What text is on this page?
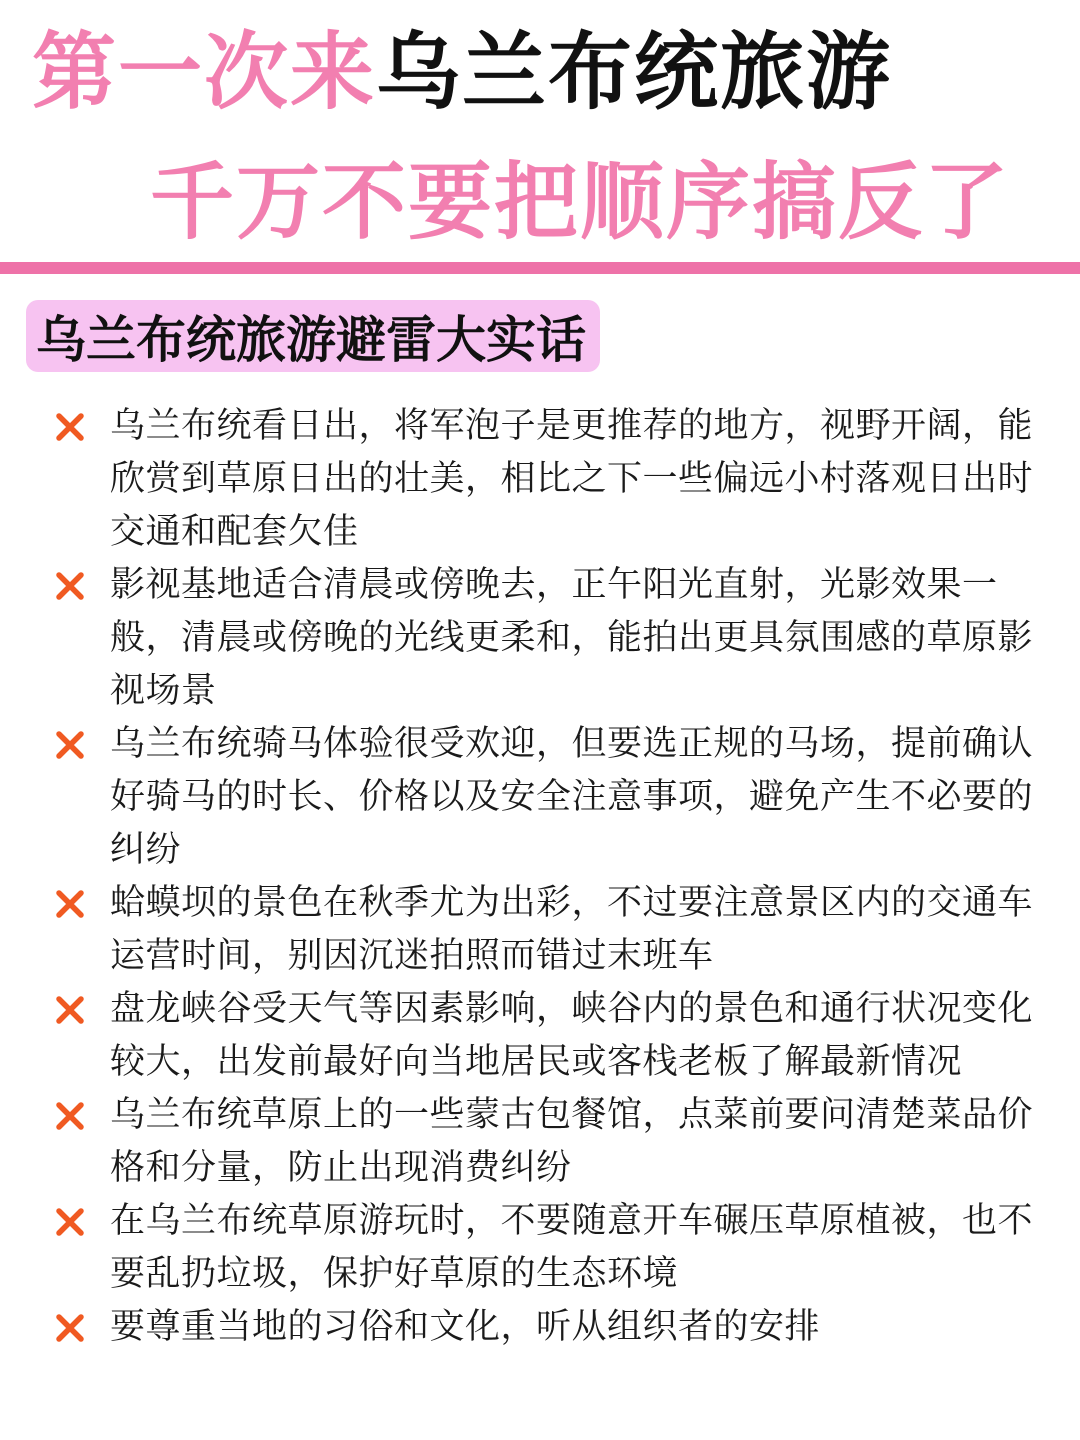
第一次来乌兰布统旅游
千万不要把顺序搞反了
乌兰布统旅游避雷大实话
乌兰布统看日出，将军泡子是更推荐的地方，视野开阔，能欣赏到草原日出的壮美，相比之下一些偏远小村落观日出时交通和配套欠佳
影视基地适合清晨或傍晚去，正午阳光直射，光影效果一般，清晨或傍晚的光线更柔和，能拍出更具氛围感的草原影视场景
乌兰布统骑马体验很受欢迎，但要选正规的马场，提前确认好骑马的时长、价格以及安全注意事项，避免产生不必要的纠纷
蛤蟆坝的景色在秋季尤为出彩，不过要注意景区内的交通车运营时间，别因沉迷拍照而错过末班车
盘龙峡谷受天气等因素影响，峡谷内的景色和通行状况变化较大，出发前最好向当地居民或客栈老板了解最新情况
乌兰布统草原上的一些蒙古包餐馆，点菜前要问清楚菜品价格和分量，防止出现消费纠纷
在乌兰布统草原游玩时，不要随意开车碾压草原植被，也不要乱扔垃圾，保护好草原的生态环境
要尊重当地的习俗和文化，听从组织者的安排
